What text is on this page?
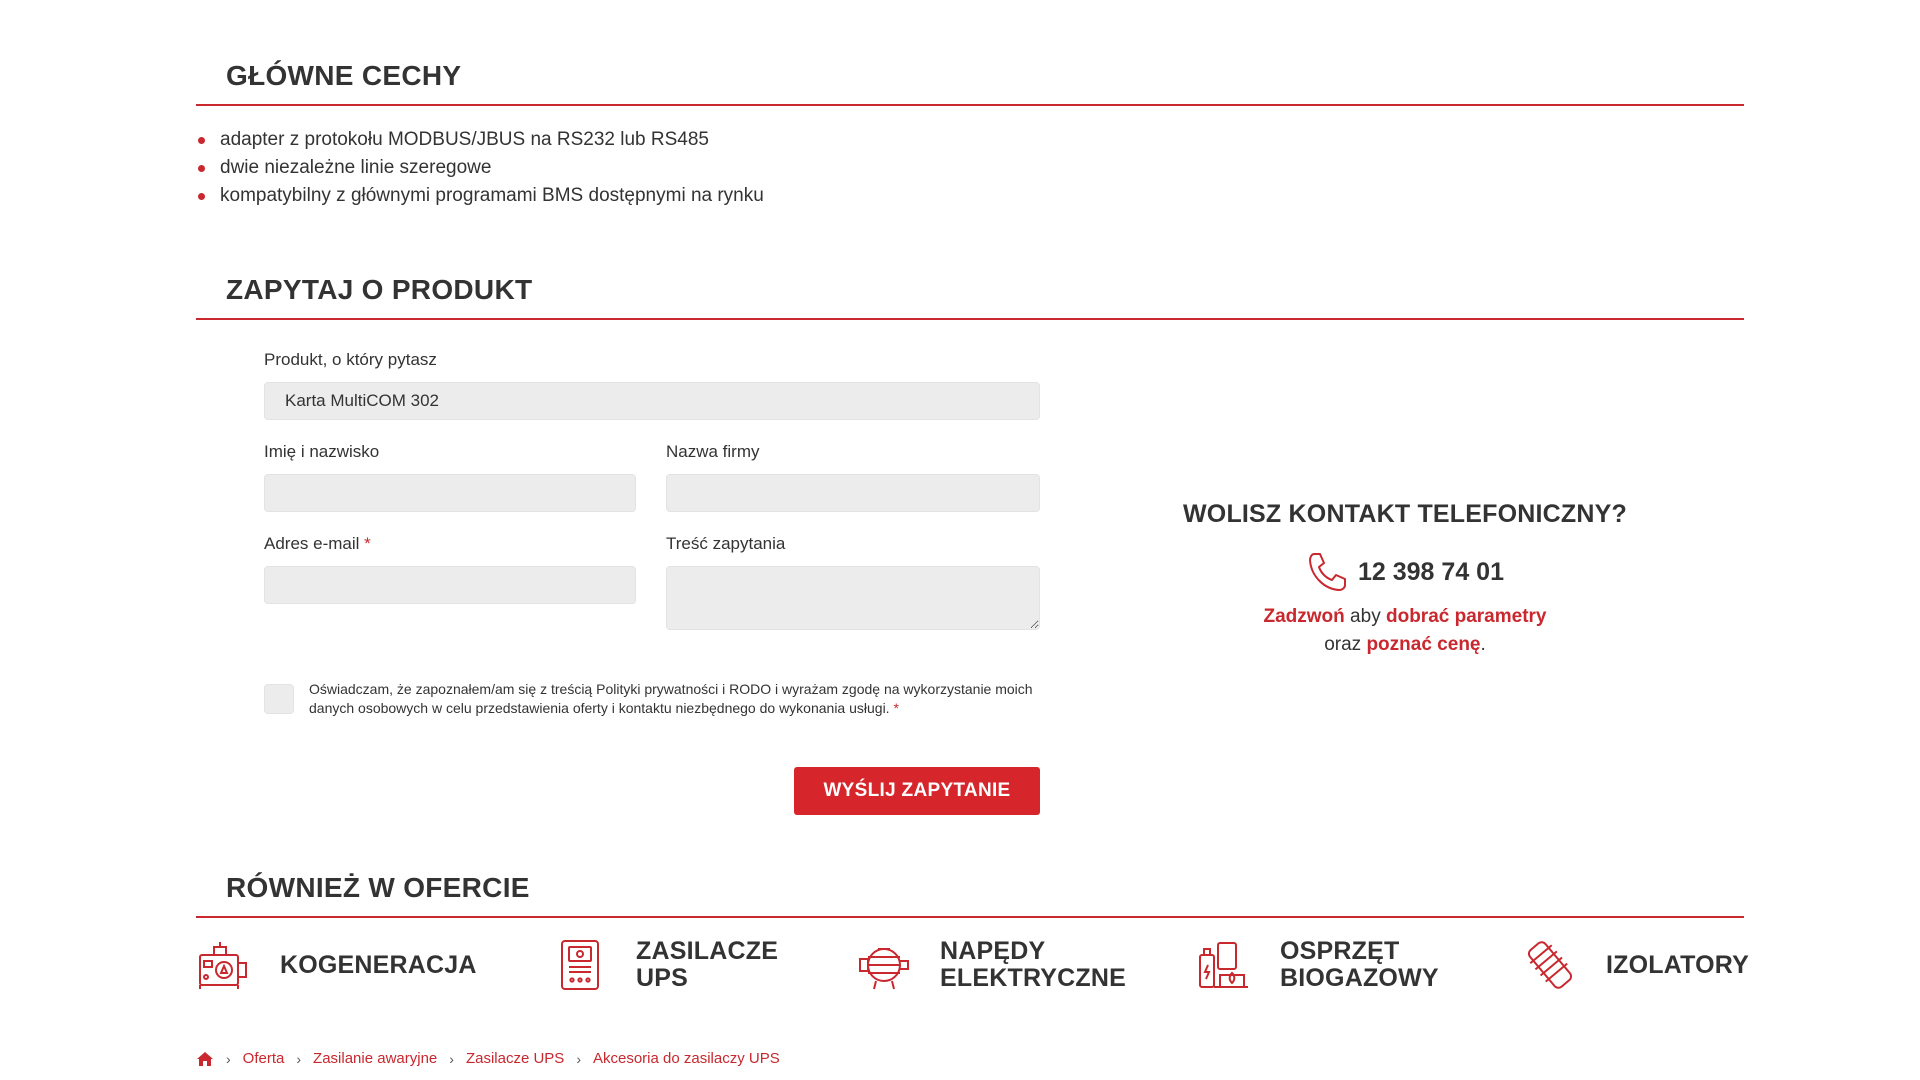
GŁÓWNE CECHY
adapter z protokołu MODBUS/JBUS na RS232 lub RS485
dwie niezależne linie szeregowe
kompatybilny z głównymi programami BMS dostępnymi na rynku
ZAPYTAJ O PRODUKT
Produkt, o który pytasz
Karta MultiCOM 302
Imię i nazwisko	Nazwa firmy
Adres e-mail *	Treść zapytania
Oświadczam, że zapoznałem/am się z treścią Polityki prywatności i RODO i wyrażam zgodę na wykorzystanie moich danych osobowych w celu przedstawienia oferty i kontaktu niezbędnego do wykonania usługi. *
WYŚLIJ ZAPYTANIE
WOLISZ KONTAKT TELEFONICZNY?
12 398 74 01
Zadzwoń aby dobrać parametry
oraz poznać cenę.
RÓWNIEŻ W OFERCIE
KOGENERACJA	ZASILACZE
UPS
NAPĘDY
ELEKTRYCZNE
OSPRZĘT
BIOGAZOWY	IZOLATORY
› Oferta › Zasilanie awaryjne › Zasilacze UPS › Akcesoria do zasilaczy UPS
